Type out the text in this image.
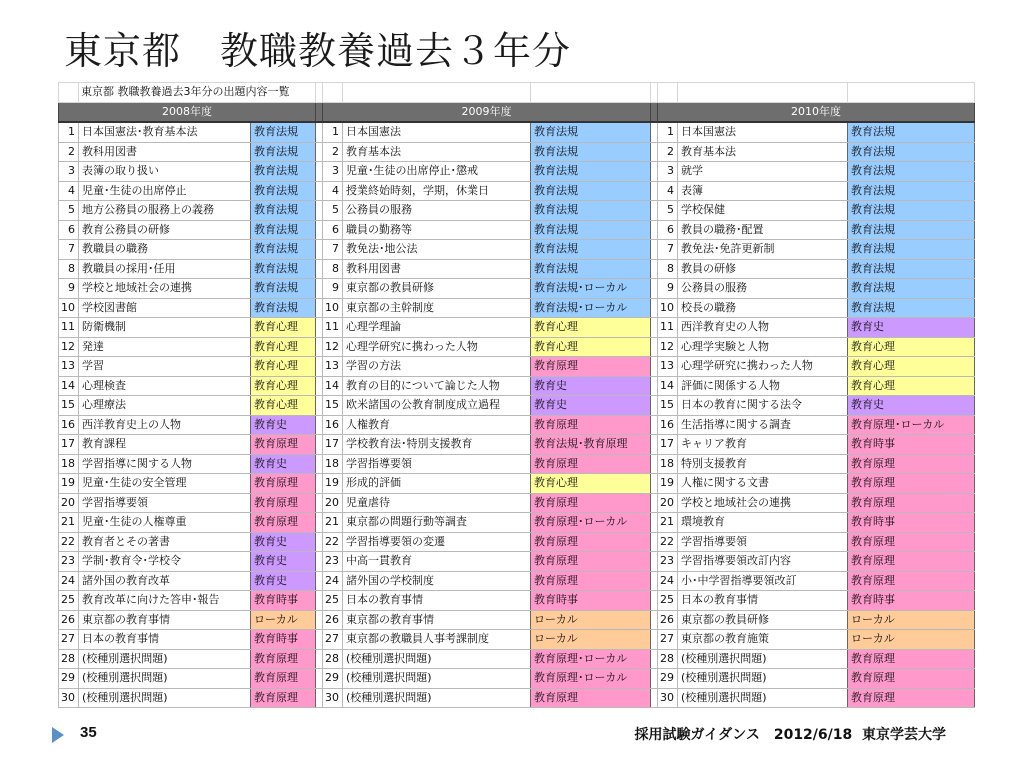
東京都　教職教養過去３年分
	東京都 教職教養過去3年分の出題内容一覧									
2008年度				2009年度				2010年度		
1	日本国憲法･教育基本法	教育法規		1	日本国憲法	教育法規		1	日本国憲法	教育法規
2	教科用図書	教育法規		2	教育基本法	教育法規		2	教育基本法	教育法規
3	表簿の取り扱い	教育法規		3	児童･生徒の出席停止･懲戒	教育法規		3	就学	教育法規
4	児童･生徒の出席停止	教育法規		4	授業終始時刻，学期，休業日	教育法規		4	表簿	教育法規
5	地方公務員の服務上の義務	教育法規		5	公務員の服務	教育法規		5	学校保健	教育法規
6	教育公務員の研修	教育法規		6	職員の勤務等	教育法規		6	教員の職務･配置	教育法規
7	教職員の職務	教育法規		7	教免法･地公法	教育法規		7	教免法･免許更新制	教育法規
8	教職員の採用･任用	教育法規		8	教科用図書	教育法規		8	教員の研修	教育法規
9	学校と地域社会の連携	教育法規		9	東京都の教員研修	教育法規･ローカル		9	公務員の服務	教育法規
10	学校図書館	教育法規		10	東京都の主幹制度	教育法規･ローカル		10	校長の職務	教育法規
11	防衛機制	教育心理		11	心理学理論	教育心理		11	西洋教育史の人物	教育史
12	発達	教育心理		12	心理学研究に携わった人物	教育心理		12	心理学実験と人物	教育心理
13	学習	教育心理		13	学習の方法	教育原理		13	心理学研究に携わった人物	教育心理
14	心理検査	教育心理		14	教育の目的について論じた人物	教育史		14	評価に関係する人物	教育心理
15	心理療法	教育心理		15	欧米諸国の公教育制度成立過程	教育史		15	日本の教育に関する法令	教育史
16	西洋教育史上の人物	教育史		16	人権教育	教育原理		16	生活指導に関する調査	教育原理･ローカル
17	教育課程	教育原理		17	学校教育法･特別支援教育	教育法規･教育原理		17	キャリア教育	教育時事
18	学習指導に関する人物	教育史		18	学習指導要領	教育原理		18	特別支援教育	教育原理
19	児童･生徒の安全管理	教育原理		19	形成的評価	教育心理		19	人権に関する文書	教育原理
20	学習指導要領	教育原理		20	児童虐待	教育原理		20	学校と地域社会の連携	教育原理
21	児童･生徒の人権尊重	教育原理		21	東京都の問題行動等調査	教育原理･ローカル		21	環境教育	教育時事
22	教育者とその著書	教育史		22	学習指導要領の変遷	教育原理		22	学習指導要領	教育原理
23	学制･教育令･学校令	教育史		23	中高一貫教育	教育原理		23	学習指導要領改訂内容	教育原理
24	諸外国の教育改革	教育史		24	諸外国の学校制度	教育原理		24	小･中学習指導要領改訂	教育原理
25	教育改革に向けた答申･報告	教育時事		25	日本の教育事情	教育時事		25	日本の教育事情	教育時事
26	東京都の教育事情	ローカル		26	東京都の教育事情	ローカル		26	東京都の教員研修	ローカル
27	日本の教育事情	教育時事		27	東京都の教職員人事考課制度	ローカル		27	東京都の教育施策	ローカル
28	(校種別選択問題)	教育原理		28	(校種別選択問題)	教育原理･ローカル		28	(校種別選択問題)	教育原理
29	(校種別選択問題)	教育原理		29	(校種別選択問題)	教育原理･ローカル		29	(校種別選択問題)	教育原理
30	(校種別選択問題)	教育原理		30	(校種別選択問題)	教育原理		30	(校種別選択問題)	教育原理
35	採用試験ガイダンス　2012/6/18  東京学芸大学
